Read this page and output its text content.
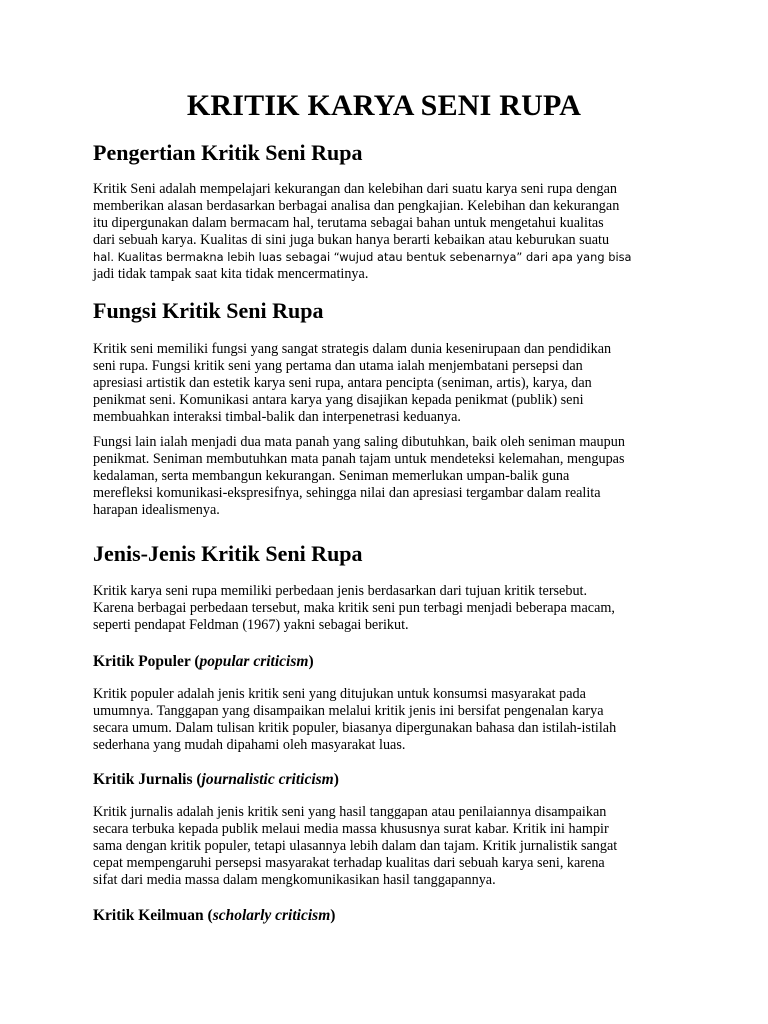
KRITIK KARYA SENI RUPA
Pengertian Kritik Seni Rupa
Kritik Seni adalah mempelajari kekurangan dan kelebihan dari suatu karya seni rupa dengan
memberikan alasan berdasarkan berbagai analisa dan pengkajian. Kelebihan dan kekurangan
itu dipergunakan dalam bermacam hal, terutama sebagai bahan untuk mengetahui kualitas
dari sebuah karya. Kualitas di sini juga bukan hanya berarti kebaikan atau keburukan suatu
hal. Kualitas bermakna lebih luas sebagai “wujud atau bentuk sebenarnya” dari apa yang bisa
jadi tidak tampak saat kita tidak mencermatinya.
Fungsi Kritik Seni Rupa
Kritik seni memiliki fungsi yang sangat strategis dalam dunia kesenirupaan dan pendidikan
seni rupa. Fungsi kritik seni yang pertama dan utama ialah menjembatani persepsi dan
apresiasi artistik dan estetik karya seni rupa, antara pencipta (seniman, artis), karya, dan
penikmat seni. Komunikasi antara karya yang disajikan kepada penikmat (publik) seni
membuahkan interaksi timbal-balik dan interpenetrasi keduanya.
Fungsi lain ialah menjadi dua mata panah yang saling dibutuhkan, baik oleh seniman maupun
penikmat. Seniman membutuhkan mata panah tajam untuk mendeteksi kelemahan, mengupas
kedalaman, serta membangun kekurangan. Seniman memerlukan umpan-balik guna
merefleksi komunikasi-ekspresifnya, sehingga nilai dan apresiasi tergambar dalam realita
harapan idealismenya.
Jenis-Jenis Kritik Seni Rupa
Kritik karya seni rupa memiliki perbedaan jenis berdasarkan dari tujuan kritik tersebut.
Karena berbagai perbedaan tersebut, maka kritik seni pun terbagi menjadi beberapa macam,
seperti pendapat Feldman (1967) yakni sebagai berikut.
Kritik Populer (popular criticism)
Kritik populer adalah jenis kritik seni yang ditujukan untuk konsumsi masyarakat pada
umumnya. Tanggapan yang disampaikan melalui kritik jenis ini bersifat pengenalan karya
secara umum. Dalam tulisan kritik populer, biasanya dipergunakan bahasa dan istilah-istilah
sederhana yang mudah dipahami oleh masyarakat luas.
Kritik Jurnalis (journalistic criticism)
Kritik jurnalis adalah jenis kritik seni yang hasil tanggapan atau penilaiannya disampaikan
secara terbuka kepada publik melaui media massa khususnya surat kabar. Kritik ini hampir
sama dengan kritik populer, tetapi ulasannya lebih dalam dan tajam. Kritik jurnalistik sangat
cepat mempengaruhi persepsi masyarakat terhadap kualitas dari sebuah karya seni, karena
sifat dari media massa dalam mengkomunikasikan hasil tanggapannya.
Kritik Keilmuan (scholarly criticism)
